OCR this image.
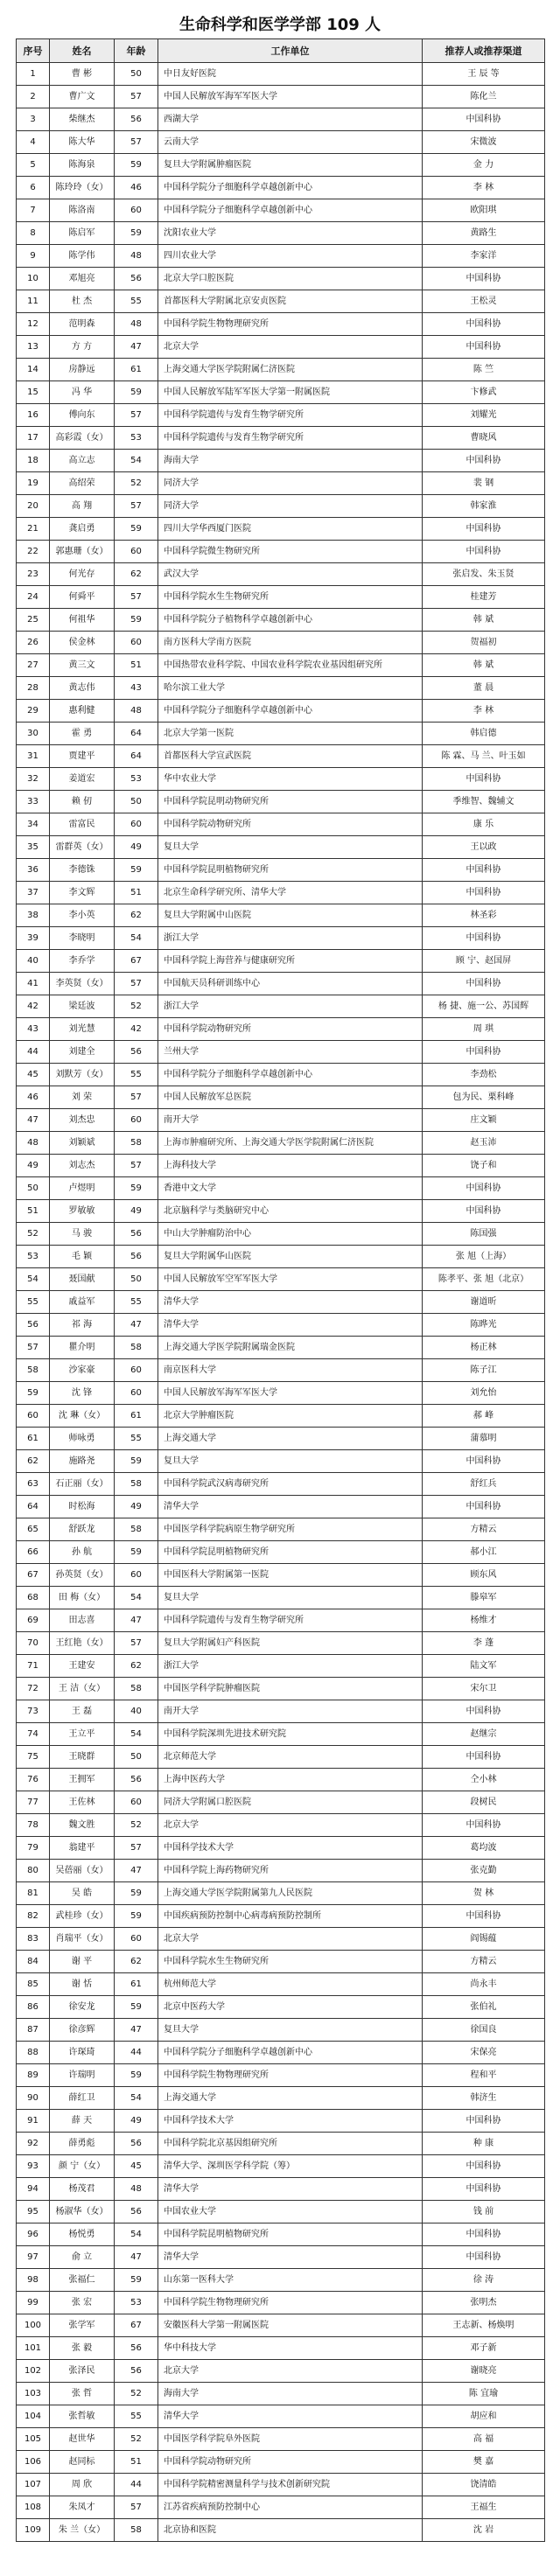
生命科学和医学学部 109 人
序号	姓名	年龄	工作单位	推荐人或推荐渠道
1	曹 彬	50	中日友好医院	王 辰 等
2	曹广文	57	中国人民解放军海军军医大学	陈化兰
3	柴继杰	56	西湖大学	中国科协
4	陈大华	57	云南大学	宋微波
5	陈海泉	59	复旦大学附属肿瘤医院	金 力
6	陈玲玲（女）	46	中国科学院分子细胞科学卓越创新中心	李 林
7	陈洛南	60	中国科学院分子细胞科学卓越创新中心	欧阳琪
8	陈启军	59	沈阳农业大学	黄路生
9	陈学伟	48	四川农业大学	李家洋
10	邓旭亮	56	北京大学口腔医院	中国科协
11	杜 杰	55	首都医科大学附属北京安贞医院	王松灵
12	范明森	48	中国科学院生物物理研究所	中国科协
13	方 方	47	北京大学	中国科协
14	房静远	61	上海交通大学医学院附属仁济医院	陈 竺
15	冯 华	59	中国人民解放军陆军军医大学第一附属医院	卞修武
16	傅向东	57	中国科学院遗传与发育生物学研究所	刘耀光
17	高彩霞（女）	53	中国科学院遗传与发育生物学研究所	曹晓风
18	高立志	54	海南大学	中国科协
19	高绍荣	52	同济大学	裴 钢
20	高 翔	57	同济大学	韩家淮
21	龚启勇	59	四川大学华西厦门医院	中国科协
22	郭惠珊（女）	60	中国科学院微生物研究所	中国科协
23	何光存	62	武汉大学	张启发、朱玉贤
24	何舜平	57	中国科学院水生生物研究所	桂建芳
25	何祖华	59	中国科学院分子植物科学卓越创新中心	韩 斌
26	侯金林	60	南方医科大学南方医院	贺福初
27	黄三文	51	中国热带农业科学院、中国农业科学院农业基因组研究所	韩 斌
28	黄志伟	43	哈尔滨工业大学	董 晨
29	惠利健	48	中国科学院分子细胞科学卓越创新中心	李 林
30	霍 勇	64	北京大学第一医院	韩启德
31	贾建平	64	首都医科大学宣武医院	陈 霖、马 兰、叶玉如
32	姜道宏	53	华中农业大学	中国科协
33	赖 仞	50	中国科学院昆明动物研究所	季维智、魏辅文
34	雷富民	60	中国科学院动物研究所	康 乐
35	雷群英（女）	49	复旦大学	王以政
36	李德铢	59	中国科学院昆明植物研究所	中国科协
37	李文辉	51	北京生命科学研究所、清华大学	中国科协
38	李小英	62	复旦大学附属中山医院	林圣彩
39	李晓明	54	浙江大学	中国科协
40	李乔学	67	中国科学院上海营养与健康研究所	顾 宁、赵国屏
41	李英贤（女）	57	中国航天员科研训练中心	中国科协
42	梁廷波	52	浙江大学	杨 捷、施一公、苏国辉
43	刘光慧	42	中国科学院动物研究所	周 琪
44	刘建全	56	兰州大学	中国科协
45	刘默芳（女）	55	中国科学院分子细胞科学卓越创新中心	李劲松
46	刘 荣	57	中国人民解放军总医院	包为民、栗科峰
47	刘杰忠	60	南开大学	庄文颖
48	刘颖斌	58	上海市肿瘤研究所、上海交通大学医学院附属仁济医院	赵玉沛
49	刘志杰	57	上海科技大学	饶子和
50	卢煜明	59	香港中文大学	中国科协
51	罗敏敏	49	北京脑科学与类脑研究中心	中国科协
52	马 骏	56	中山大学肿瘤防治中心	陈国强
53	毛 颖	56	复旦大学附属华山医院	张 旭（上海）
54	聂国献	50	中国人民解放军空军军医大学	陈孝平、张 旭（北京）
55	戚益军	55	清华大学	谢道昕
56	祁 海	47	清华大学	陈晔光
57	瞿介明	58	上海交通大学医学院附属瑞金医院	杨正林
58	沙家豪	60	南京医科大学	陈子江
59	沈 锋	60	中国人民解放军海军军医大学	刘允怡
60	沈 琳（女）	61	北京大学肿瘤医院	郝 峰
61	师咏勇	55	上海交通大学	蒲慕明
62	施路尧	59	复旦大学	中国科协
63	石正丽（女）	58	中国科学院武汉病毒研究所	舒红兵
64	时松海	49	清华大学	中国科协
65	舒跃龙	58	中国医学科学院病原生物学研究所	方精云
66	孙 航	59	中国科学院昆明植物研究所	郝小江
67	孙英贤（女）	60	中国医科大学附属第一医院	顾东风
68	田 梅（女）	54	复旦大学	滕皋军
69	田志喜	47	中国科学院遗传与发育生物学研究所	杨维才
70	王红艳（女）	57	复旦大学附属妇产科医院	李 蓬
71	王建安	62	浙江大学	陆文军
72	王 洁（女）	58	中国医学科学院肿瘤医院	宋尔卫
73	王 磊	40	南开大学	中国科协
74	王立平	54	中国科学院深圳先进技术研究院	赵继宗
75	王晓群	50	北京师范大学	中国科协
76	王拥军	56	上海中医药大学	仝小林
77	王佐林	60	同济大学附属口腔医院	段树民
78	魏文胜	52	北京大学	中国科协
79	翁建平	57	中国科学技术大学	葛均波
80	吴蓓丽（女）	47	中国科学院上海药物研究所	张克勤
81	吴 皓	59	上海交通大学医学院附属第九人民医院	贺 林
82	武桂珍（女）	59	中国疾病预防控制中心病毒病预防控制所	中国科协
83	肖瑞平（女）	60	北京大学	阎锡蕴
84	谢 平	62	中国科学院水生生物研究所	方精云
85	谢 恬	61	杭州师范大学	尚永丰
86	徐安龙	59	北京中医药大学	张伯礼
87	徐彦辉	47	复旦大学	徐国良
88	许琛琦	44	中国科学院分子细胞科学卓越创新中心	宋保亮
89	许瑞明	59	中国科学院生物物理研究所	程和平
90	薛红卫	54	上海交通大学	韩济生
91	薛 天	49	中国科学技术大学	中国科协
92	薛勇彪	56	中国科学院北京基因组研究所	种 康
93	颜 宁（女）	45	清华大学、深圳医学科学院（筹）	中国科协
94	杨茂君	48	清华大学	中国科协
95	杨淑华（女）	56	中国农业大学	钱 前
96	杨悦勇	54	中国科学院昆明植物研究所	中国科协
97	俞 立	47	清华大学	中国科协
98	张福仁	59	山东第一医科大学	徐 涛
99	张 宏	53	中国科学院生物物理研究所	张明杰
100	张学军	67	安徽医科大学第一附属医院	王志新、杨焕明
101	张 毅	56	华中科技大学	邓子新
102	张泽民	56	北京大学	谢晓亮
103	张 哲	52	海南大学	陈 宜瑜
104	张哲敏	55	清华大学	胡应和
105	赵世华	52	中国医学科学院阜外医院	高 福
106	赵同标	51	中国科学院动物研究所	樊 嘉
107	周 欣	44	中国科学院精密测量科学与技术创新研究院	饶清皓
108	朱凤才	57	江苏省疾病预防控制中心	王福生
109	朱 兰（女）	58	北京协和医院	沈 岩
